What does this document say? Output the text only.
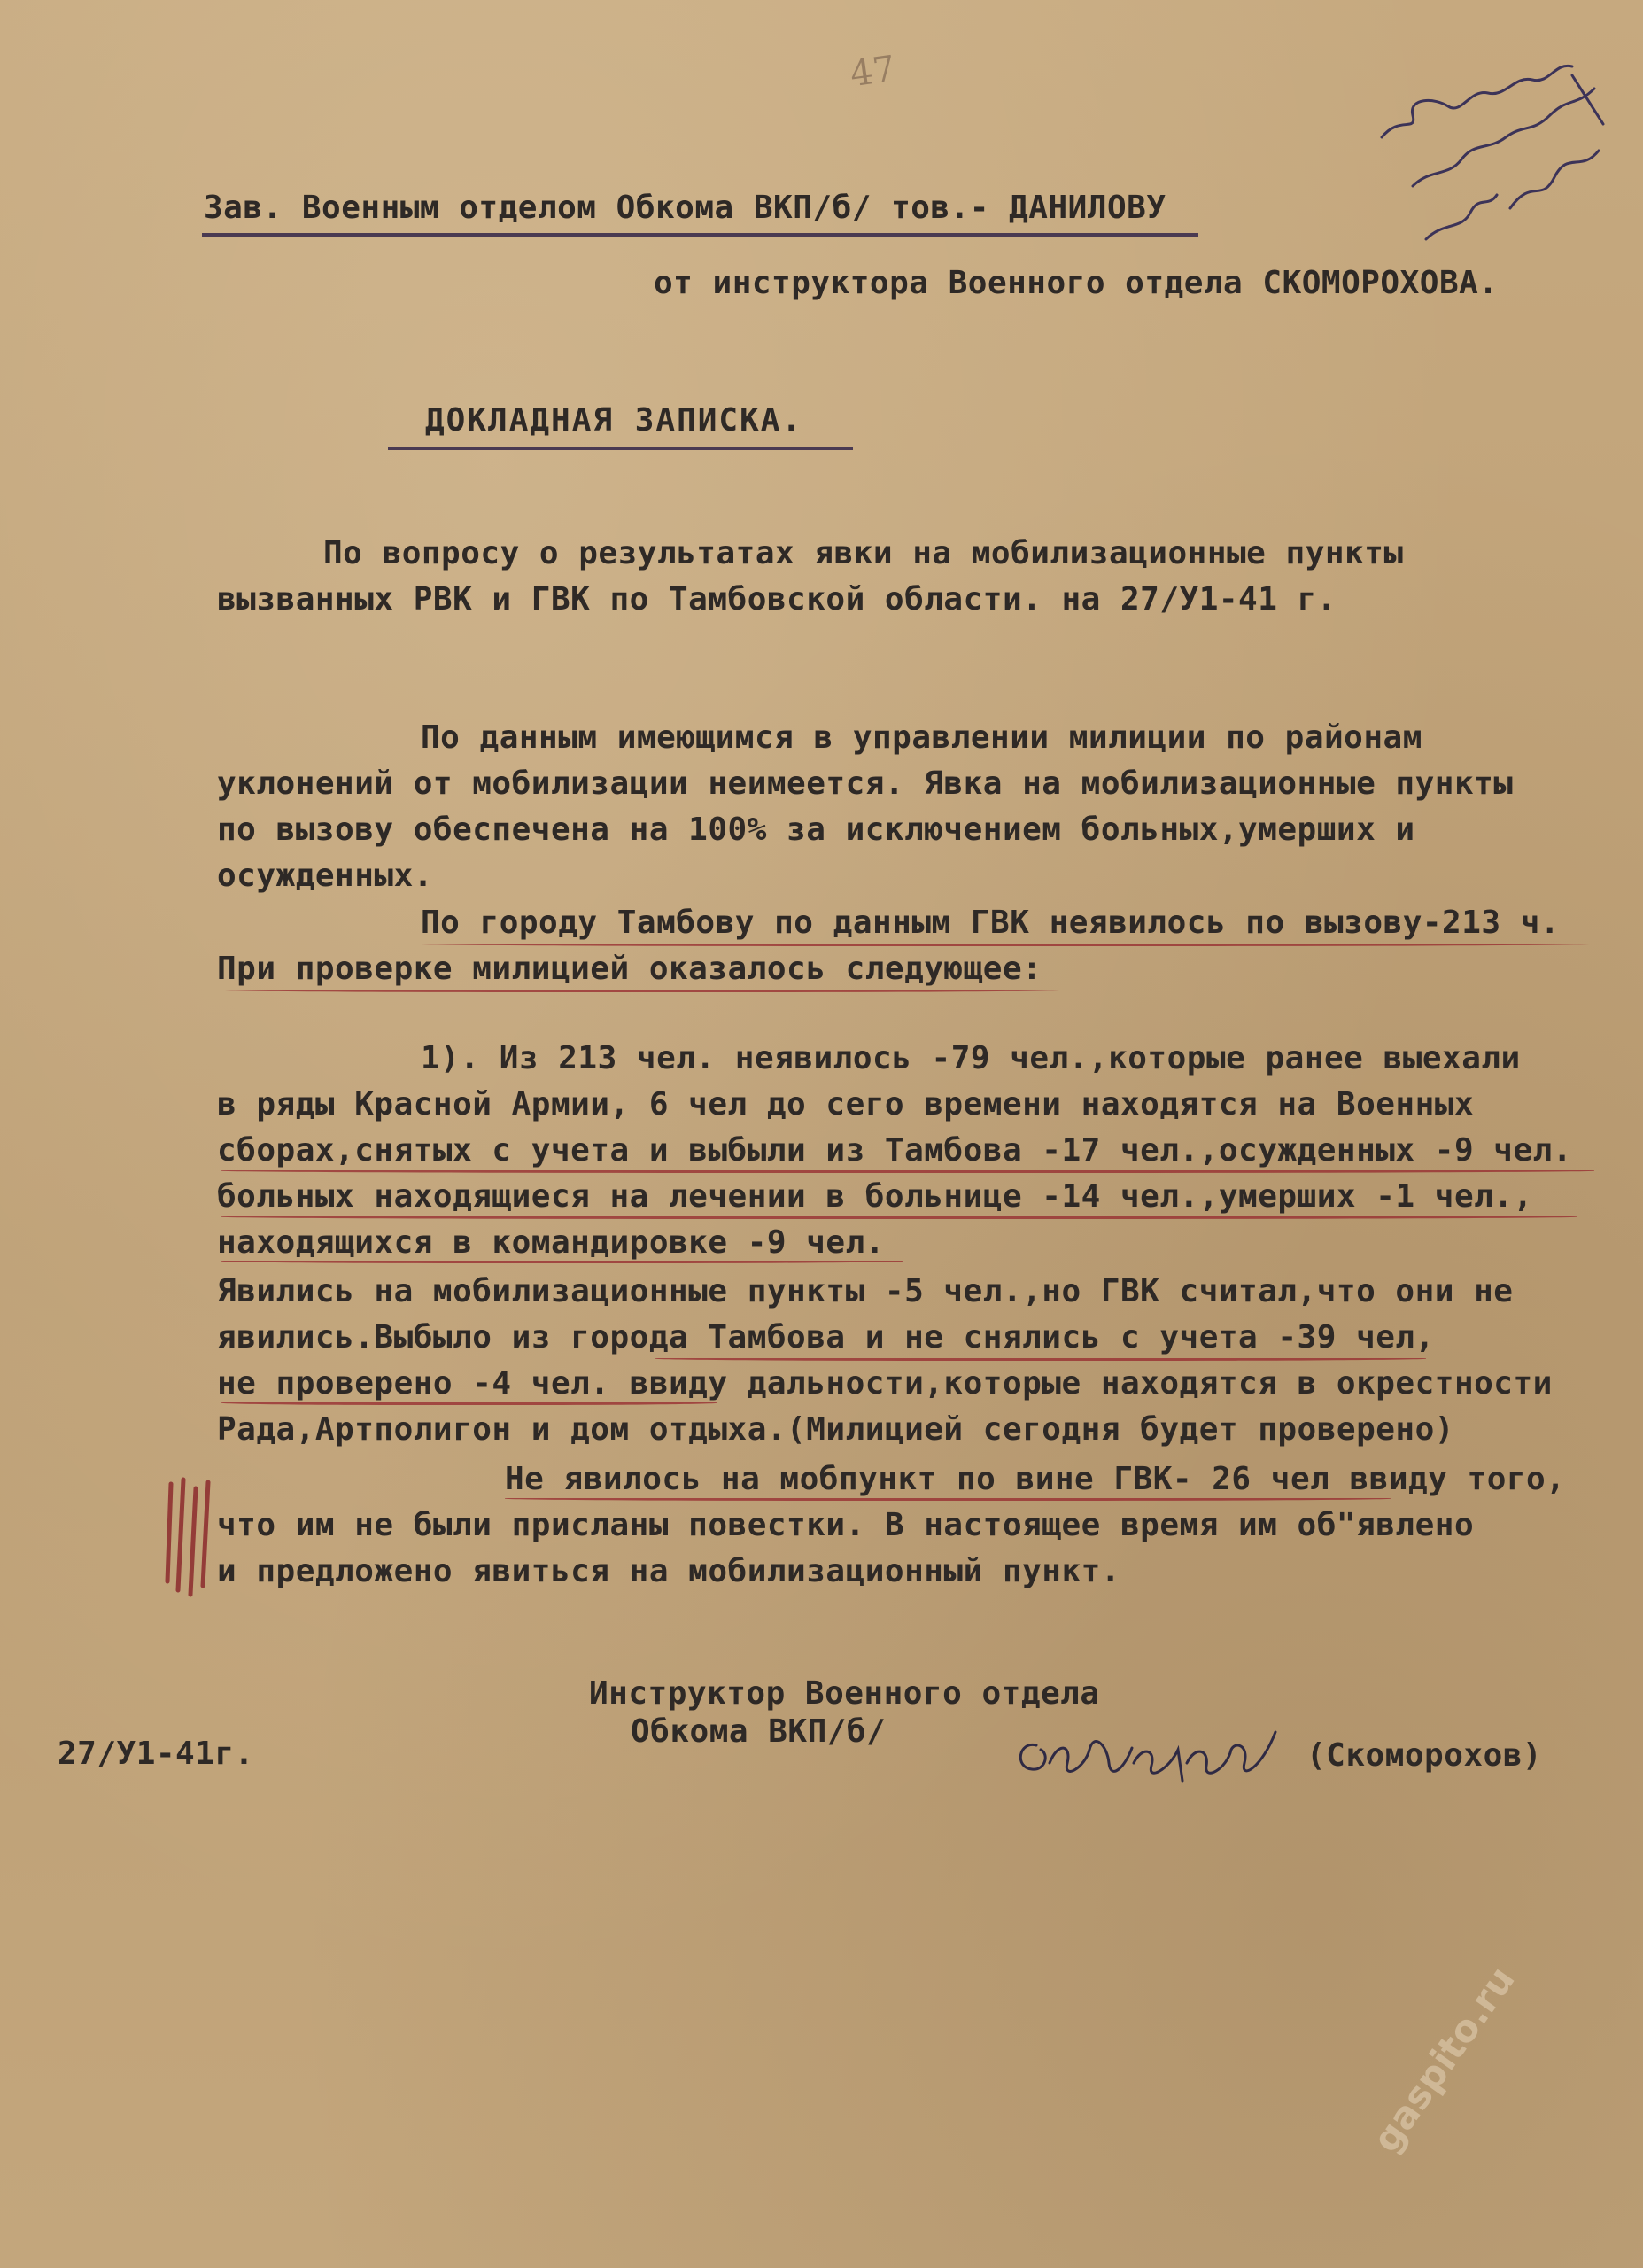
47
Зав. Военным отделом Обкома ВКП/б/ тов.- ДАНИЛОВУ
от инструктора Военного отдела СКОМОРОХОВА.
ДОКЛАДНАЯ ЗАПИСКА.
По вопросу о результатах явки на мобилизационные пункты
вызванных РВК и ГВК по Тамбовской области. на 27/У1-41 г.
По данным имеющимся в управлении милиции по районам
уклонений от мобилизации неимеется. Явка на мобилизационные пункты
по вызову обеспечена на 100% за исключением больных,умерших и
осужденных.
По городу Тамбову по данным ГВК неявилось по вызову-213 ч.
При проверке милицией оказалось следующее:
1). Из 213 чел. неявилось -79 чел.,которые ранее выехали
в ряды Красной Армии, 6 чел до сего времени находятся на Военных
сборах,снятых с учета и выбыли из Тамбова -17 чел.,осужденных -9 чел.
больных находящиеся на лечении в больнице -14 чел.,умерших -1 чел.,
находящихся в командировке -9 чел.
Явились на мобилизационные пункты -5 чел.,но ГВК считал,что они не
явились.Выбыло из города Тамбова и не снялись с учета -39 чел,
не проверено -4 чел. ввиду дальности,которые находятся в окрестности
Рада,Артполигон и дом отдыха.(Милицией сегодня будет проверено)
Не явилось на мобпункт по вине ГВК- 26 чел ввиду того,
что им не были присланы повестки. В настоящее время им об"явлено
и предложено явиться на мобилизационный пункт.
Инструктор Военного отдела
Обкома ВКП/б/
27/У1-41г.	(Скоморохов)
gaspito.ru
